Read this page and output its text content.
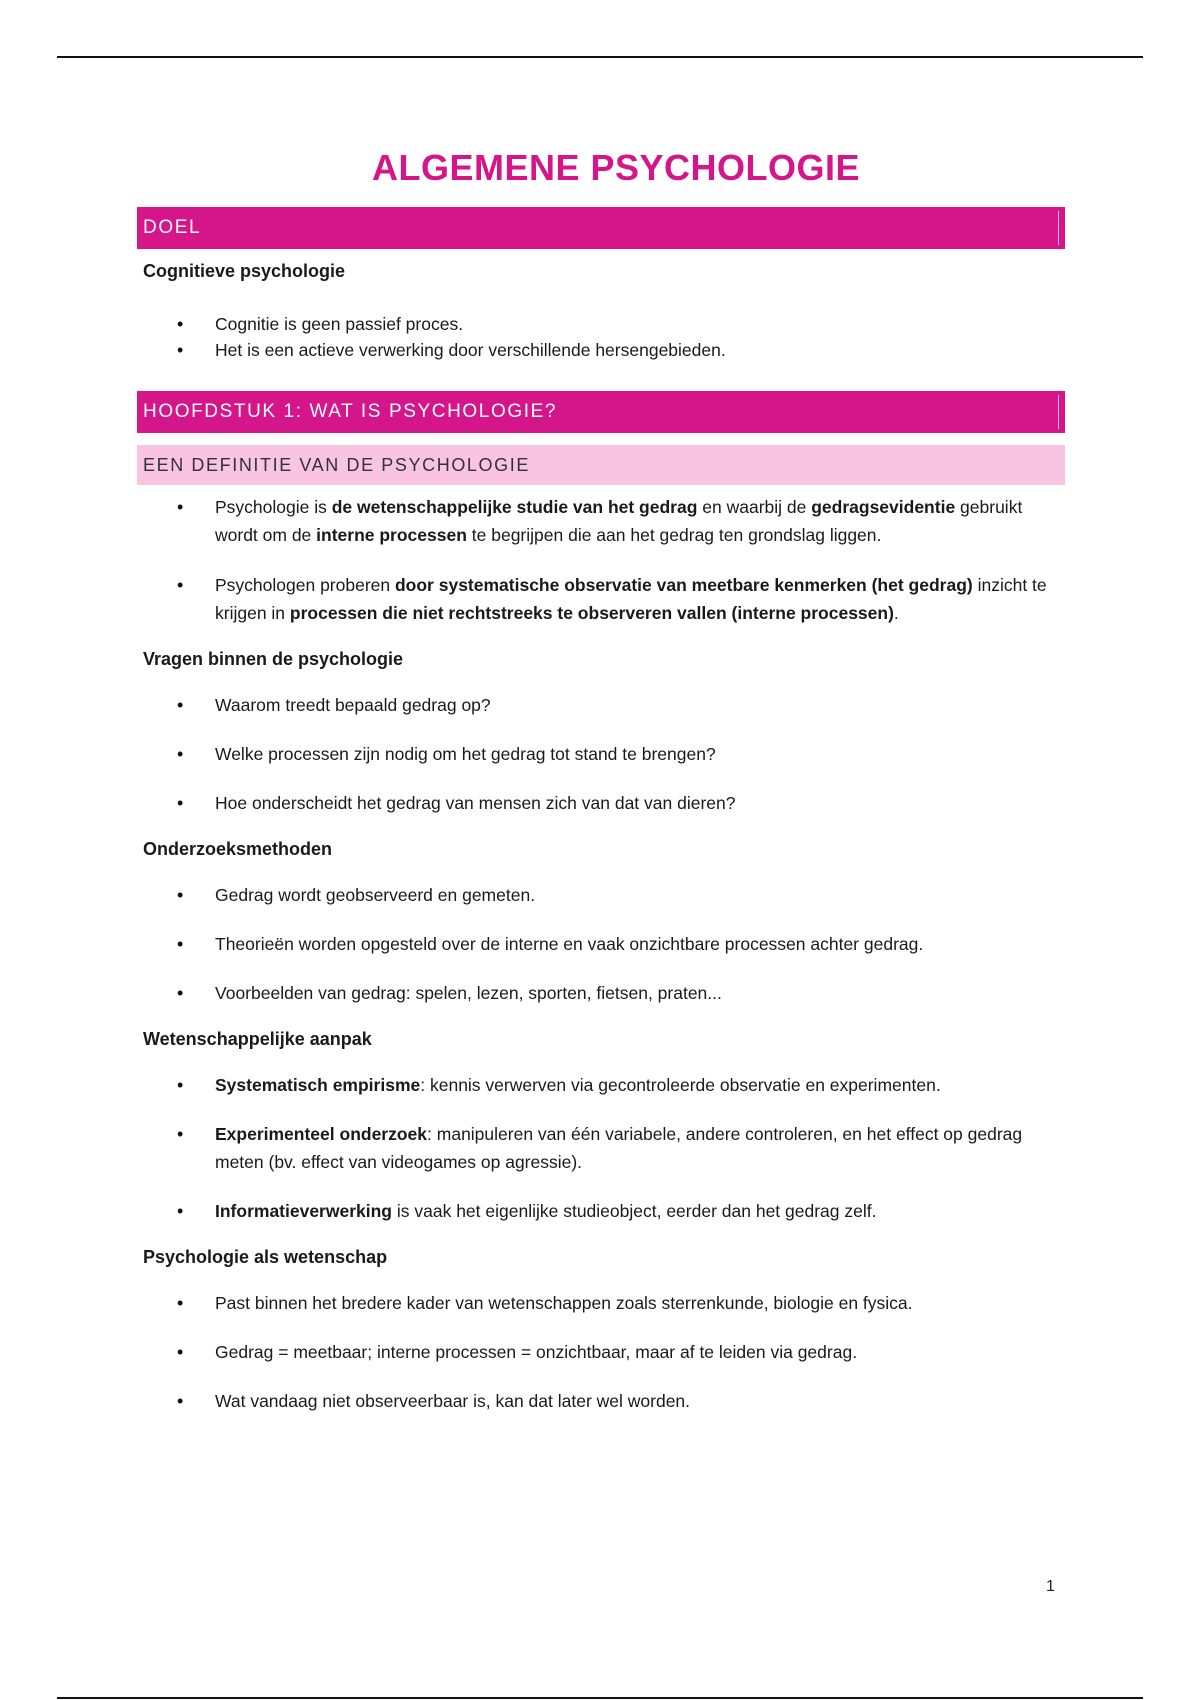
ALGEMENE PSYCHOLOGIE
DOEL
Cognitieve psychologie
• Cognitie is geen passief proces.
• Het is een actieve verwerking door verschillende hersengebieden.
HOOFDSTUK 1: WAT IS PSYCHOLOGIE?
EEN DEFINITIE VAN DE PSYCHOLOGIE
• Psychologie is de wetenschappelijke studie van het gedrag en waarbij de gedragsevidentie gebruikt wordt om de interne processen te begrijpen die aan het gedrag ten grondslag liggen.
• Psychologen proberen door systematische observatie van meetbare kenmerken (het gedrag) inzicht te krijgen in processen die niet rechtstreeks te observeren vallen (interne processen).
Vragen binnen de psychologie
• Waarom treedt bepaald gedrag op?
• Welke processen zijn nodig om het gedrag tot stand te brengen?
• Hoe onderscheidt het gedrag van mensen zich van dat van dieren?
Onderzoeksmethoden
• Gedrag wordt geobserveerd en gemeten.
• Theorieën worden opgesteld over de interne en vaak onzichtbare processen achter gedrag.
• Voorbeelden van gedrag: spelen, lezen, sporten, fietsen, praten...
Wetenschappelijke aanpak
• Systematisch empirisme: kennis verwerven via gecontroleerde observatie en experimenten.
• Experimenteel onderzoek: manipuleren van één variabele, andere controleren, en het effect op gedrag meten (bv. effect van videogames op agressie).
• Informatieverwerking is vaak het eigenlijke studieobject, eerder dan het gedrag zelf.
Psychologie als wetenschap
• Past binnen het bredere kader van wetenschappen zoals sterrenkunde, biologie en fysica.
• Gedrag = meetbaar; interne processen = onzichtbaar, maar af te leiden via gedrag.
• Wat vandaag niet observeerbaar is, kan dat later wel worden.
1
